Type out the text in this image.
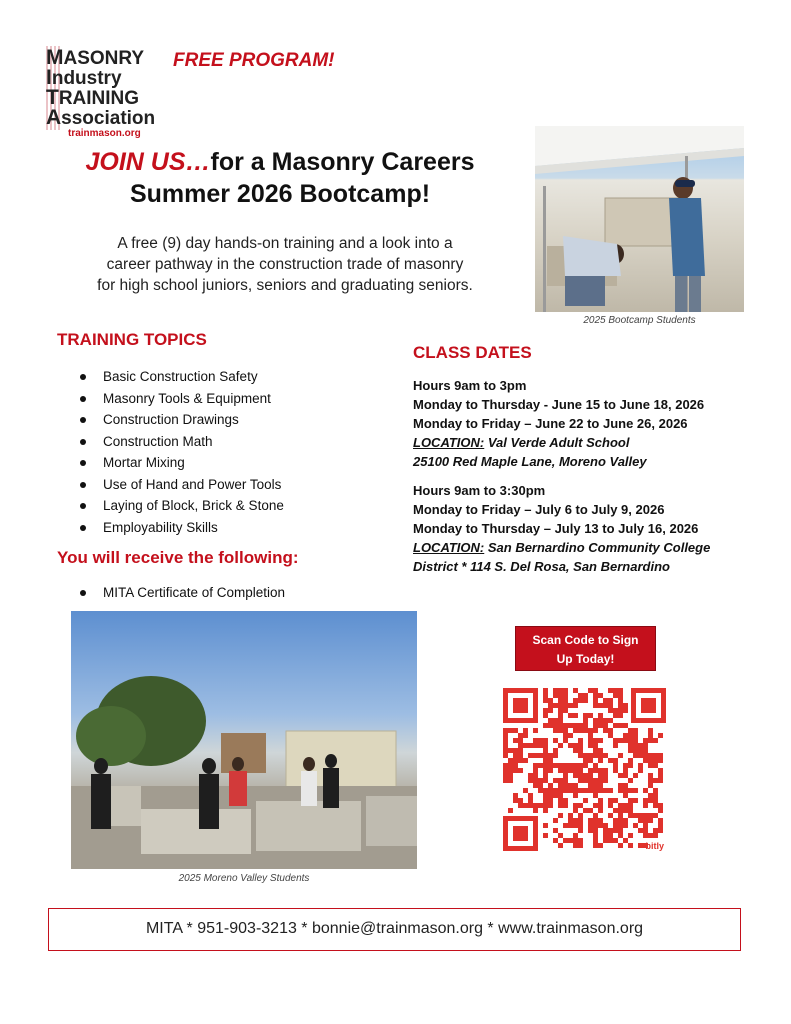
MASONRY
Industry
TRAINING
Association
trainmason.org
FREE PROGRAM!
JOIN US…for a Masonry Careers
Summer 2026 Bootcamp!
A free (9) day hands-on training and a look into a
career pathway in the construction trade of masonry
for high school juniors, seniors and graduating seniors.
2025 Bootcamp Students
TRAINING TOPICS
Basic Construction Safety
Masonry Tools & Equipment
Construction Drawings
Construction Math
Mortar Mixing
Use of Hand and Power Tools
Laying of Block, Brick & Stone
Employability Skills
You will receive the following:
MITA Certificate of Completion
CLASS DATES
Hours 9am to 3pm
Monday to Thursday - June 15 to June 18, 2026
Monday to Friday – June 22 to June 26, 2026
LOCATION: Val Verde Adult School
25100 Red Maple Lane, Moreno Valley
Hours 9am to 3:30pm
Monday to Friday – July 6 to July 9, 2026
Monday to Thursday – July 13 to July 16, 2026
LOCATION: San Bernardino Community College
District * 114 S. Del Rosa, San Bernardino
2025 Moreno Valley Students
Scan Code to Sign
Up Today!
bitly
MITA * 951-903-3213 * bonnie@trainmason.org * www.trainmason.org
